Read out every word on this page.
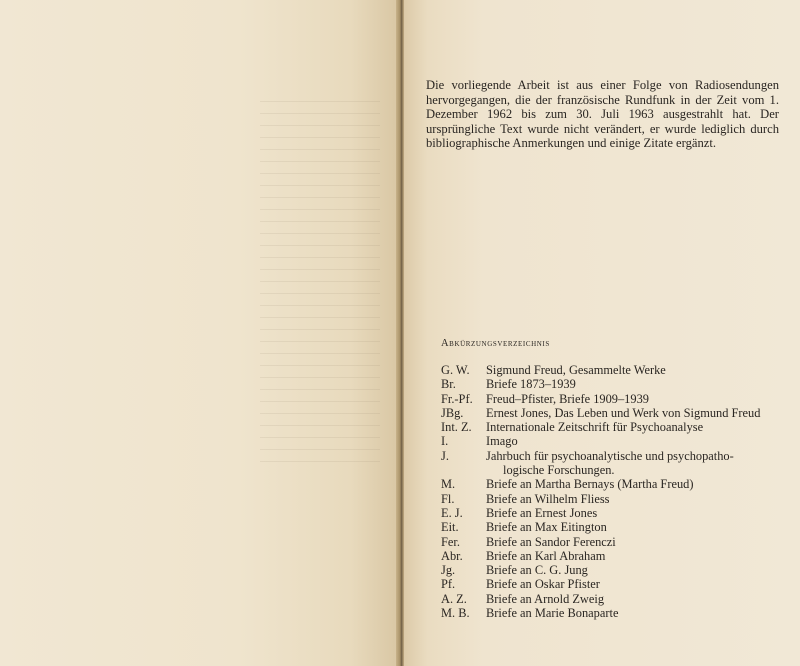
Die vorliegende Arbeit ist aus einer Folge von Radiosendungen hervorgegangen, die der französische Rundfunk in der Zeit vom 1. Dezember 1962 bis zum 30. Juli 1963 ausgestrahlt hat. Der ursprüngliche Text wurde nicht verändert, er wurde lediglich durch bibliographische Anmerkungen und einige Zitate ergänzt.

Abkürzungsverzeichnis

G. W.	Sigmund Freud, Gesammelte Werke
Br.	Briefe 1873–1939
Fr.-Pf.	Freud–Pfister, Briefe 1909–1939
JBg.	Ernest Jones, Das Leben und Werk von Sigmund Freud
Int. Z.	Internationale Zeitschrift für Psychoanalyse
I.	Imago
J.	Jahrbuch für psychoanalytische und psychopatho-
logische Forschungen.
M.	Briefe an Martha Bernays (Martha Freud)
Fl.	Briefe an Wilhelm Fliess
E. J.	Briefe an Ernest Jones
Eit.	Briefe an Max Eitington
Fer.	Briefe an Sandor Ferenczi
Abr.	Briefe an Karl Abraham
Jg.	Briefe an C. G. Jung
Pf.	Briefe an Oskar Pfister
A. Z.	Briefe an Arnold Zweig
M. B.	Briefe an Marie Bonaparte
